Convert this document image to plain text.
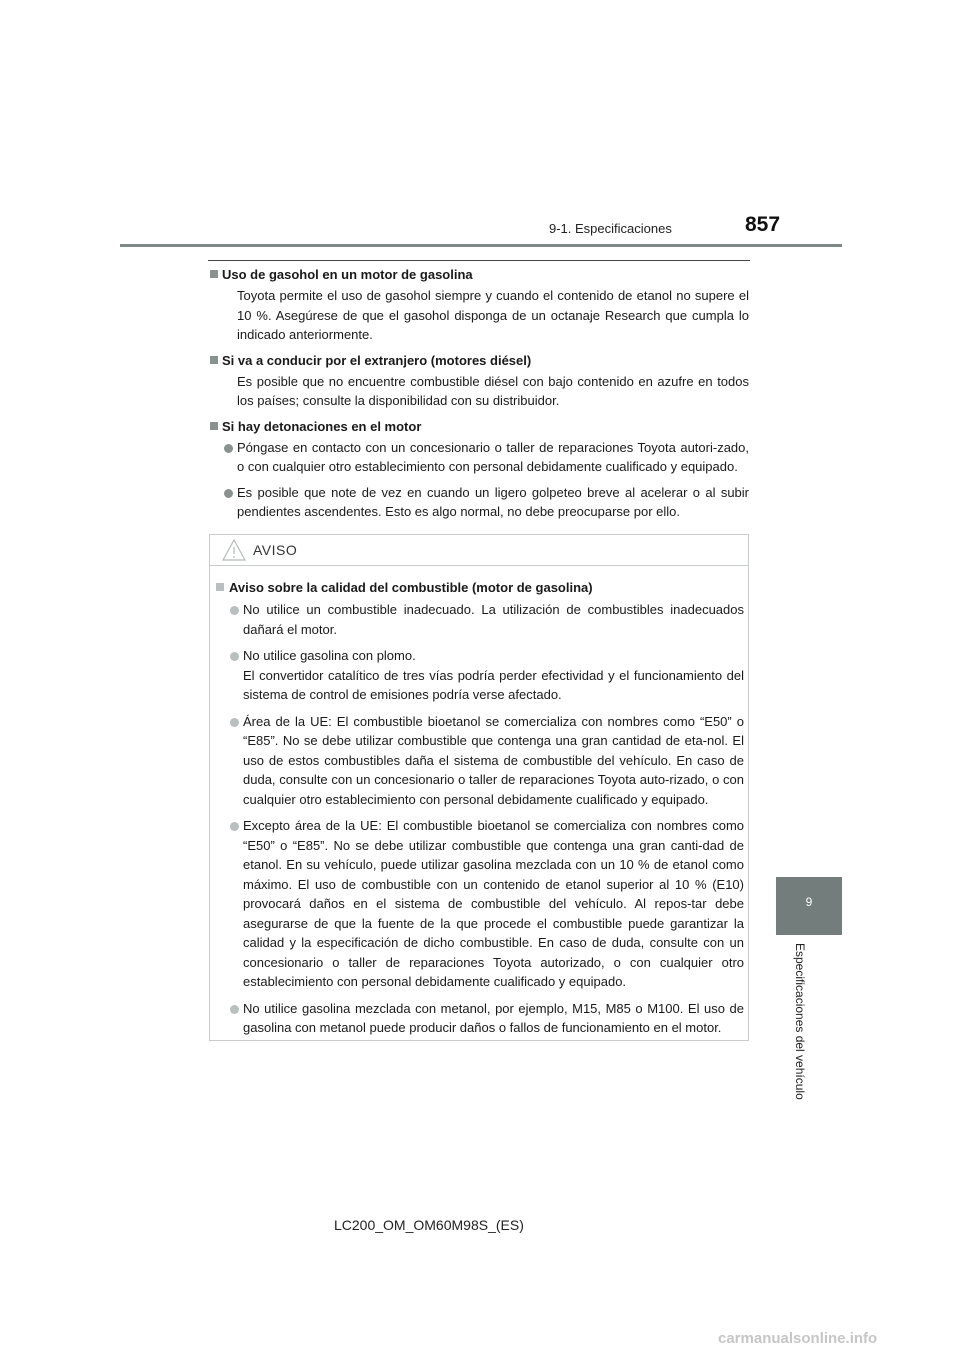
9-1. Especificaciones	857
9
Especificaciones del vehículo
Uso de gasohol en un motor de gasolina
Toyota permite el uso de gasohol siempre y cuando el contenido de etanol no supere el 10 %. Asegúrese de que el gasohol disponga de un octanaje Research que cumpla lo indicado anteriormente.
Si va a conducir por el extranjero (motores diésel)
Es posible que no encuentre combustible diésel con bajo contenido en azufre en todos los países; consulte la disponibilidad con su distribuidor.
Si hay detonaciones en el motor
Póngase en contacto con un concesionario o taller de reparaciones Toyota autori-zado, o con cualquier otro establecimiento con personal debidamente cualificado y equipado.
Es posible que note de vez en cuando un ligero golpeteo breve al acelerar o al subir pendientes ascendentes. Esto es algo normal, no debe preocuparse por ello.
AVISO
Aviso sobre la calidad del combustible (motor de gasolina)
No utilice un combustible inadecuado. La utilización de combustibles inadecuados dañará el motor.
No utilice gasolina con plomo.
El convertidor catalítico de tres vías podría perder efectividad y el funcionamiento del sistema de control de emisiones podría verse afectado.
Área de la UE: El combustible bioetanol se comercializa con nombres como “E50” o “E85”. No se debe utilizar combustible que contenga una gran cantidad de eta-nol. El uso de estos combustibles daña el sistema de combustible del vehículo. En caso de duda, consulte con un concesionario o taller de reparaciones Toyota auto-rizado, o con cualquier otro establecimiento con personal debidamente cualificado y equipado.
Excepto área de la UE: El combustible bioetanol se comercializa con nombres como “E50” o “E85”. No se debe utilizar combustible que contenga una gran canti-dad de etanol. En su vehículo, puede utilizar gasolina mezclada con un 10 % de etanol como máximo. El uso de combustible con un contenido de etanol superior al 10 % (E10) provocará daños en el sistema de combustible del vehículo. Al repos-tar debe asegurarse de que la fuente de la que procede el combustible puede garantizar la calidad y la especificación de dicho combustible. En caso de duda, consulte con un concesionario o taller de reparaciones Toyota autorizado, o con cualquier otro establecimiento con personal debidamente cualificado y equipado.
No utilice gasolina mezclada con metanol, por ejemplo, M15, M85 o M100. El uso de gasolina con metanol puede producir daños o fallos de funcionamiento en el motor.
LC200_OM_OM60M98S_(ES)
carmanualsonline.info
